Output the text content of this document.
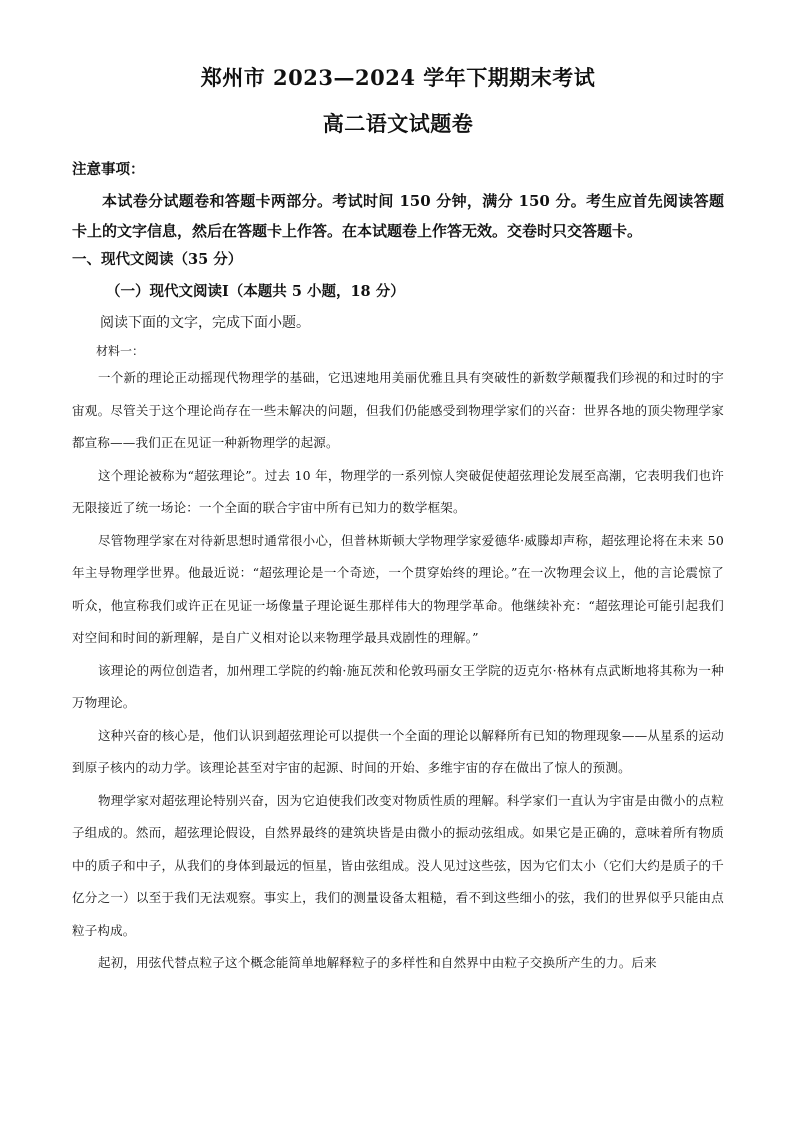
郑州市 2023—2024 学年下期期末考试
高二语文试题卷
注意事项：
本试卷分试题卷和答题卡两部分。考试时间 150 分钟，满分 150 分。考生应首先阅读答题卡上的文字信息，然后在答题卡上作答。在本试题卷上作答无效。交卷时只交答题卡。
一、现代文阅读（35 分）
（一）现代文阅读Ⅰ（本题共 5 小题，18 分）
阅读下面的文字，完成下面小题。
材料一：

一个新的理论正动摇现代物理学的基础，它迅速地用美丽优雅且具有突破性的新数学颠覆我们珍视的和过时的宇宙观。尽管关于这个理论尚存在一些未解决的问题，但我们仍能感受到物理学家们的兴奋：世界各地的顶尖物理学家都宣称——我们正在见证一种新物理学的起源。

这个理论被称为“超弦理论”。过去 10 年，物理学的一系列惊人突破促使超弦理论发展至高潮，它表明我们也许无限接近了统一场论：一个全面的联合宇宙中所有已知力的数学框架。

尽管物理学家在对待新思想时通常很小心，但普林斯顿大学物理学家爱德华·威滕却声称，超弦理论将在未来 50 年主导物理学世界。他最近说：“超弦理论是一个奇迹，一个贯穿始终的理论。”在一次物理会议上，他的言论震惊了听众，他宣称我们或许正在见证一场像量子理论诞生那样伟大的物理学革命。他继续补充：“超弦理论可能引起我们对空间和时间的新理解，是自广义相对论以来物理学最具戏剧性的理解。”

该理论的两位创造者，加州理工学院的约翰·施瓦茨和伦敦玛丽女王学院的迈克尔·格林有点武断地将其称为一种万物理论。

这种兴奋的核心是，他们认识到超弦理论可以提供一个全面的理论以解释所有已知的物理现象——从星系的运动到原子核内的动力学。该理论甚至对宇宙的起源、时间的开始、多维宇宙的存在做出了惊人的预测。

物理学家对超弦理论特别兴奋，因为它迫使我们改变对物质性质的理解。科学家们一直认为宇宙是由微小的点粒子组成的。然而，超弦理论假设，自然界最终的建筑块皆是由微小的振动弦组成。如果它是正确的，意味着所有物质中的质子和中子，从我们的身体到最远的恒星，皆由弦组成。没人见过这些弦，因为它们太小（它们大约是质子的千亿分之一）以至于我们无法观察。事实上，我们的测量设备太粗糙，看不到这些细小的弦，我们的世界似乎只能由点粒子构成。

起初，用弦代替点粒子这个概念能简单地解释粒子的多样性和自然界中由粒子交换所产生的力。后来
